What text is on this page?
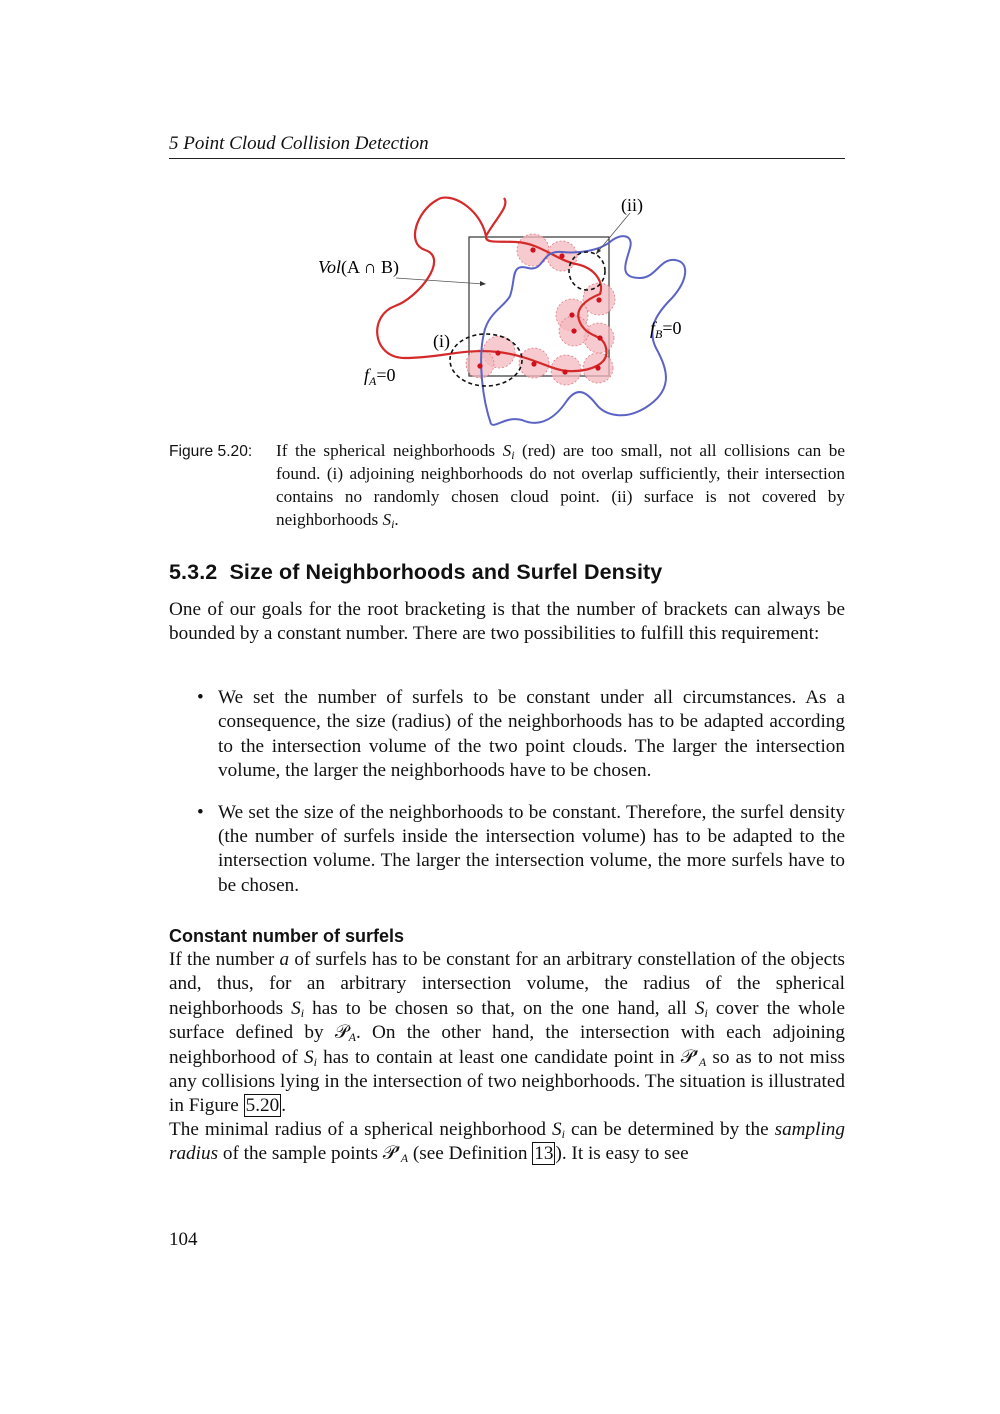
5 Point Cloud Collision Detection
(ii)
Vol(A ∩ B)
(i)
$f_A=0$
$f_B=0$
Figure 5.20:	If the spherical neighborhoods $S_i$ (red) are too small, not all collisions can be found. (i) adjoining neighborhoods do not overlap sufficiently, their intersection contains no randomly chosen cloud point. (ii) surface is not covered by neighborhoods $S_i$.
5.3.2 Size of Neighborhoods and Surfel Density

One of our goals for the root bracketing is that the number of brackets can always be bounded by a constant number. There are two possibilities to fulfill this requirement:

• We set the number of surfels to be constant under all circumstances. As a consequence, the size (radius) of the neighborhoods has to be adapted according to the intersection volume of the two point clouds. The larger the intersection volume, the larger the neighborhoods have to be chosen.
• We set the size of the neighborhoods to be constant. Therefore, the surfel density (the number of surfels inside the intersection volume) has to be adapted to the intersection volume. The larger the intersection volume, the more surfels have to be chosen.
Constant number of surfels

If the number a of surfels has to be constant for an arbitrary constellation of the objects and, thus, for an arbitrary intersection volume, the radius of the spherical neighborhoods $S_i$ has to be chosen so that, on the one hand, all $S_i$ cover the whole surface defined by 𝒫$_A$. On the other hand, the intersection with each adjoining neighborhood of $S_i$ has to contain at least one candidate point in $𝒫'_A$ so as to not miss any collisions lying in the intersection of two neighborhoods. The situation is illustrated in Figure 5.20 .

The minimal radius of a spherical neighborhood $S_i$ can be determined by the sampling radius of the sample points $𝒫'_A$ (see Definition 13 ). It is easy to see

104
